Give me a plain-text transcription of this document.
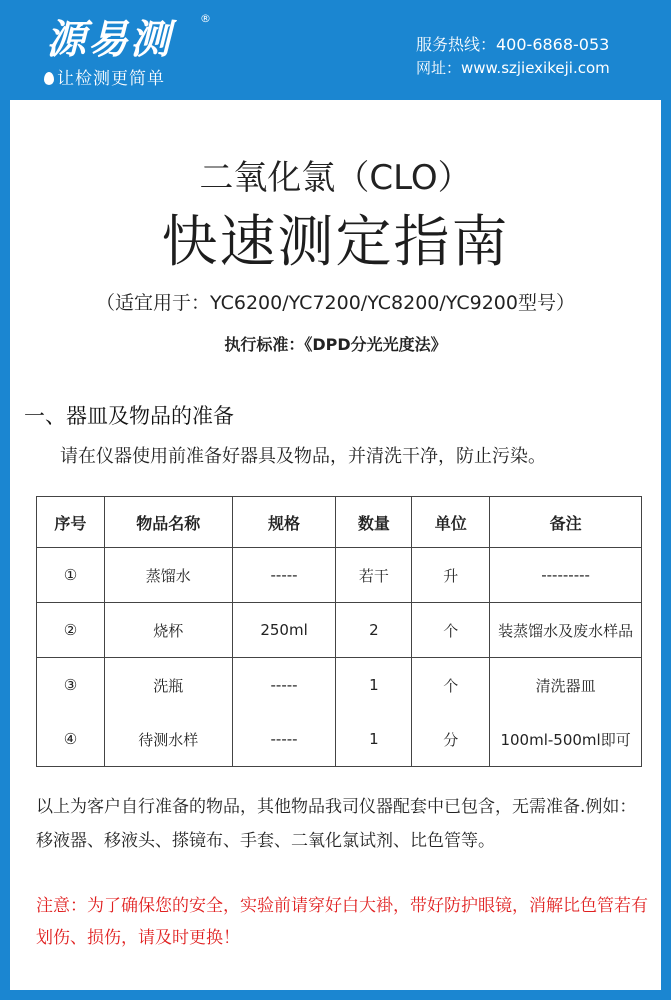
源易测	®
让检测更简单
服务热线：400-6868-053
网址：www.szjiexikeji.com
二氧化氯（CLO）
快速测定指南
（适宜用于：YC6200/YC7200/YC8200/YC9200型号）
执行标准：《DPD分光光度法》
一、器皿及物品的准备
请在仪器使用前准备好器具及物品，并清洗干净，防止污染。
序号	物品名称	规格	数量	单位	备注
①	蒸馏水	-----	若干	升	---------
②	烧杯	250ml	2	个	装蒸馏水及废水样品
③	洗瓶	-----	1	个	清洗器皿
④	待测水样	-----	1	分	100ml-500ml即可
以上为客户自行准备的物品，其他物品我司仪器配套中已包含，无需准备.例如：移液器、移液头、搽镜布、手套、二氧化氯试剂、比色管等。
注意：为了确保您的安全，实验前请穿好白大褂，带好防护眼镜，消解比色管若有划伤、损伤，请及时更换！
